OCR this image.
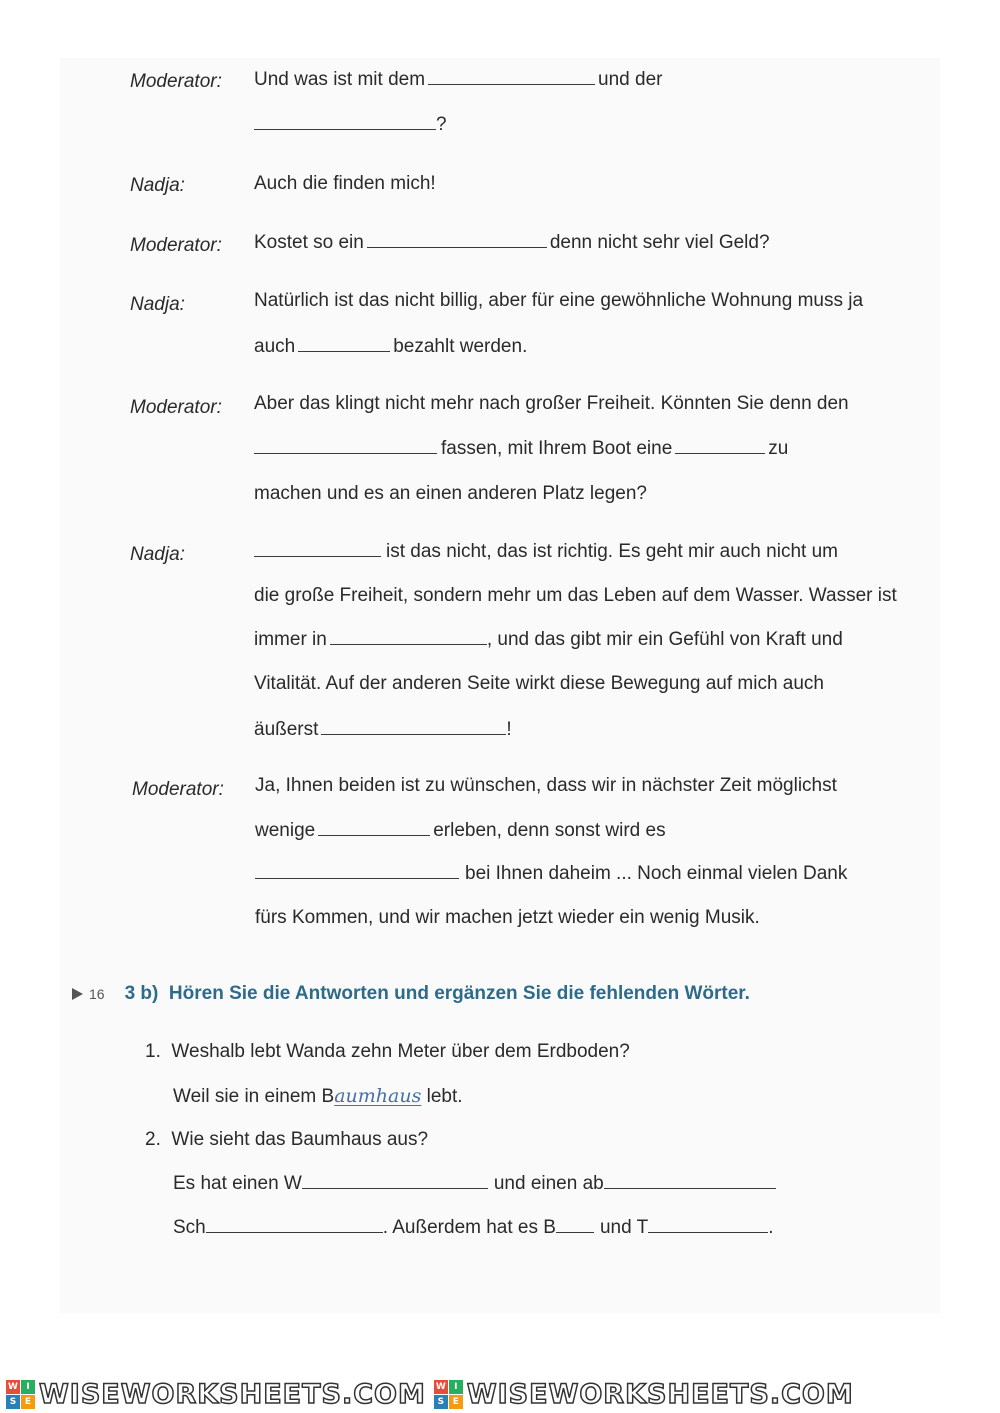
Moderator: Und was ist mit dem	und der
?
Nadja:	Auch die finden mich!
Moderator: Kostet so ein	denn nicht sehr viel Geld?
Nadja:	Natürlich ist das nicht billig, aber für eine gewöhnliche Wohnung muss ja
auch	bezahlt werden.
Moderator: Aber das klingt nicht mehr nach großer Freiheit. Könnten Sie denn den
fassen, mit Ihrem Boot eine	zu
machen und es an einen anderen Platz legen?
Nadja:	ist das nicht, das ist richtig. Es geht mir auch nicht um
die große Freiheit, sondern mehr um das Leben auf dem Wasser. Wasser ist
immer in	, und das gibt mir ein Gefühl von Kraft und
Vitalität. Auf der anderen Seite wirkt diese Bewegung auf mich auch
äußerst	!
Moderator: Ja, Ihnen beiden ist zu wünschen, dass wir in nächster Zeit möglichst
wenige	erleben, denn sonst wird es
bei Ihnen daheim ... Noch einmal vielen Dank
fürs Kommen, und wir machen jetzt wieder ein wenig Musik.
16 3 b) Hören Sie die Antworten und ergänzen Sie die fehlenden Wörter.
1. Weshalb lebt Wanda zehn Meter über dem Erdboden?
Weil sie in einem Baumhaus lebt.
2. Wie sieht das Baumhaus aus?
Es hat einen W	und einen ab
Sch	. Außerdem hat es B und T	.
W I
S E WISEWORKSHEETS.COM W I
S E WISEWORKSHEETS.COM
